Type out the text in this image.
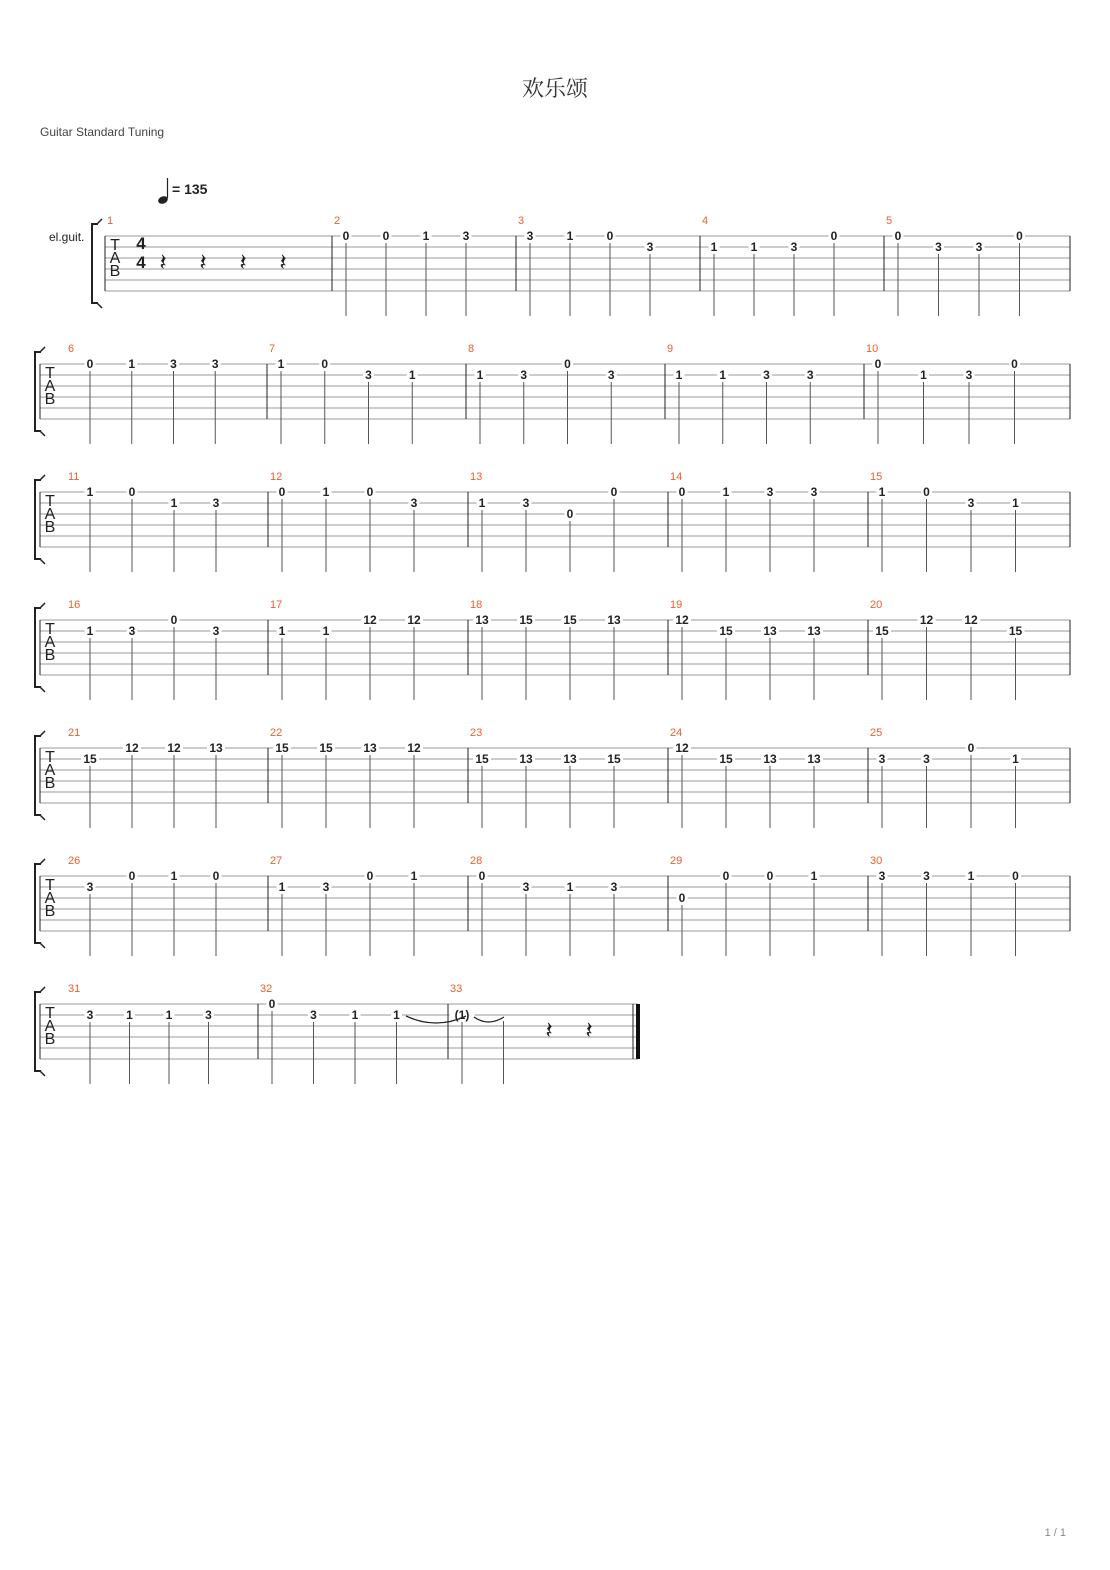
欢乐颂
Guitar Standard Tuning
T
A
B
1
4
4 𝄽 𝄽 𝄽 𝄽
2
0	0	1	3
3
3	1	0
3
4
1	1	3
0
5
0
3	3
0
T
A
B
6
0	1	3	3
7
1	0
3	1
8
1	3
0
3
9
1	1	3	3
10
0
1	3
0
T
A
B
11
1	0
1	3
12
0	1	0
3
13
1	3
0
0
14
0	1	3	3
15
1	0
3	1
T
A
B
16
1	3
0
3
17
1	1
12	12
18
13	15	15	13
19
12
15	13	13
20
15
12	12
15
T
A
B
21
15
12 12 13
22
15	15	13	12
23
15	13	13	15
24
12
15	13	13
25
3	3
0
1
T
A
B
26
3
0	1	0
27
1	3
0	1
28
0
3	1	3
29
0
0	0	1
30
3	3	1	0
T
A
B
31
3	1	1	3
32
0
3	1	1
33
(1)
𝄽 𝄽
el.guit.
= 135
1 / 1
